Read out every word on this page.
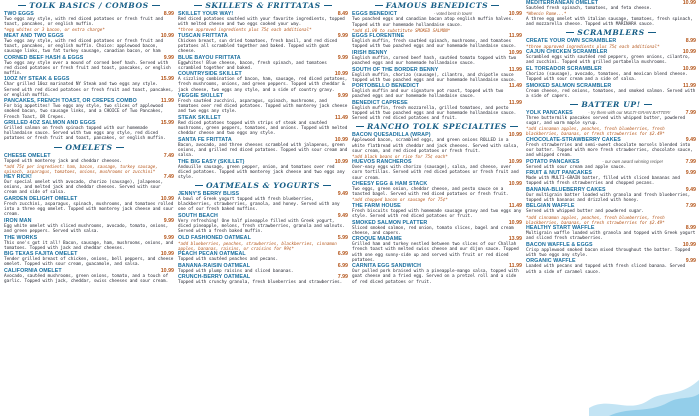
TOLK BASICS / COMBOS
TWO EGGS	8.99
Two eggs any style, with red diced potatoes or fresh fruit and toast, pancakes, or english muffin.
*egg whites or 3 bacon, or extra charge*
MEAT AND TWO EGGS	10.99
Two eggs any style, with red diced potatoes or fresh fruit and toast, pancakes, or english muffin. Choice: applewood bacon, sausage links, two fat turkey sausage, canadian bacon, or ham
CORNED BEEF HASH & EGGS	9.99
Two eggs any style over a mound of corned beef hash. Served with red diced potatoes or fresh fruit and toast, pancakes, or english muffin.
10OZ NY STEAK & EGGS	15.99
Char grilled 10oz marinated NY Steak and two eggs any style. Served with red diced potatoes or fresh fruit and toast, pancakes, or english muffin.
PANCAKES, FRENCH TOAST, OR CREPES COMBO	11.99
For big appetites! Two eggs any style, two slices of applewood smoked bacon, two sausage links, and a CHOICE of Two Pancakes, French Toast, OR Crepes.
GRILLED 4OZ SALMON AND EGGS	15.99
Grilled salmon on fresh spinach topped with our homemade hollandaise sauce. Served with two eggs any style, red diced potatoes or fresh fruit and toast, pancakes, or english muffin.
OMELETS
CHEESE OMELET	7.49
Topped with monterey jack and cheddar cheeses.
*add 75¢ per ingredient: ham, bacon, sausage, turkey sausage, spinach, asparagus, tomatoes, onions, mushrooms or zucchini*
HEY RICK!	7.49
Our special omelet with avocado, chorizo (sausage), jalapenos, onions, and melted jack and cheddar cheeses. Served with sour cream and side of salsa.
GARDEN DELIGHT OMELET	10.99
Fresh zucchini, asparagus, spinach, mushrooms, and tomatoes rolled into a three egg omelet. Topped with monterey jack cheese and sour cream.
IRON MAN	9.99
Egg white omelet with sliced mushrooms, avocado, tomato, onions, and green peppers. Served with salsa.
THE WORKS	9.99
This one's got it all! Bacon, sausage, ham, mushrooms, onions, and tomatoes. Topped with jack and cheddar cheeses.
BIG TEXAS FAJITA OMELET	10.99
Tender grilled breast of chicken, onions, bell peppers, and cheese omelet. Topped with sour cream, guacamole, and salsa.
CALIFORNIA OMELET	10.99
Avocado, sautéed mushrooms, green onions, tomato, and a touch of garlic. Topped with jack, cheddar, swiss cheeses and sour cream.
SKILLETS & FRITTATAS
SKILLET YOUR WAY!	8.49
Red diced potatoes sautéed with your favorite ingredients, topped with melted cheese and two eggs cooked your way.
*three approved ingredients plus 75¢ each additional*
TUSCAN FRITTATA	9.99
Chicken breast, sun dried tomatoes, fresh basil, and red diced potatoes all scrambled together and baked. Topped with goat cheese.
BLUE BAYOU FRITTATA	9.99
Eggwhites! Blue cheese, bacon, fresh spinach, and tomatoes scrambled together and baked.
COUNTRYSIDE SKILLET	10.99
A sizzling combination of bacon, ham, sausage, red diced potatoes, fresh mushrooms, onions, and green peppers. Topped with cheddar & jack cheese, two eggs any style, and a side of country gravy.
VEGGIE SKILLET	9.99
Fresh sautéed zucchini, asparagus, spinach, mushrooms, and tomatoes over red diced potatoes. Topped with monterey jack cheese and two eggs any style.
STEAK SKILLET	11.49
Red diced potatoes topped with strips of steak and sautéed mushrooms, green peppers, tomatoes, and onions. Topped with melted cheddar cheese and two eggs any style.
SANTA FE FRITTATA	10.99
Bacon, avocado, and three cheeses scrambled with jalapenos, green onions, and grilled red diced potatoes. Topped with sour cream and salsa.
THE BIG EASY (SKILLET)	10.99
Andouille sausage, green pepper, onion, and tomatoes over red diced potatoes. Topped with monterey jack cheese and two eggs any style.
OATMEALS & YOGURTS
JENNY'S BERRY BLISS	9.49
A bowl of Greek yogurt topped with fresh blueberries, blackberries, strawberries, granola, and honey. Served with any one of our fresh baked muffins.
SOUTH BEACH	9.49
Very refreshing! One half pineapple filled with Greek yogurt, diced pineapple, melons, fresh strawberries, granola and walnuts. Served with a fresh baked muffin.
OLD FASHIONED OATMEAL	5.99
*add blueberries, peaches, strawberries, blackberries, cinnamon apples, bananas, raisins, or craisins for 99¢*
PEACH PECAN OATMEAL	6.99
Topped with sautéed peaches and pecans.
BANANA-RAISIN OATMEAL	6.99
Topped with plump raisins and sliced bananas.
CRUNCH-BERRY OATMEAL	7.99
Topped with crunchy granola, fresh blueberries and strawberries.
FAMOUS BENEDICTS
EGGS BENEDICT	- voted best in town!	10.99
Two poached eggs and canadian bacon atop english muffin halves. Topped with our homemade hollandaise sauce.
*add $1.00 to substitute SMOKED SALMON*
EGGS FLORENTINE	11.99
English muffin, fresh sautéed spinach, mushrooms, and tomatoes topped with two poached eggs and our homemade hollandaise sauce.
IRISH BENNY	10.99
English muffin, corned beef hash, sautéed tomato topped with two poached eggs and our homemade hollandaise sauce.
SOUTH OF THE BORDER BENNY	11.99
English muffin, chorizo (sausage), cilantro, and chipotle sauce topped with two poached eggs and our homemade hollandaise sauce.
PORTOBELLO BENEDICT	11.49
English muffin and our signature pot roast, topped with two poached eggs and our homemade hollandaise sauce.
BENEDICT CAPRESE	11.99
English muffin, fresh mozzarella, grilled tomatoes, and pesto topped with two poached eggs and our homemade hollandaise sauce. Served with red diced potatoes and fruit.
RANCHO TOLK SPECIALTIES
BACON QUESADILLA (WRAP)	10.99
Applewood bacon, scrambled eggs, and green onions ROLLED in a white flatbread with cheddar and jack cheeses. Served with salsa, sour cream, and red diced potatoes or fresh fruit.
*add black beans or rice for 75¢ each*
HUEVOS RANCHEROS	10.99
Over-easy eggs with chorizo (sausage), salsa, and cheese, over corn tortillas. Served with red diced potatoes or fresh fruit and sour cream.
CHEESY EGG & HAM STACK	10.99
Two eggs, green onion, cheddar cheese, and pesto sauce on a toasted bagel. Served with red diced potatoes or fresh fruit.
*add chopped bacon or sausage for 75¢*
THE FARM HOUSE	11.49
Fresh biscuits topped with homemade sausage gravy and two eggs any style. Served with red diced potatoes or fruit.
SMOKED SALMON PLATTER	10.99
Sliced smoked salmon, red onion, tomato slices, bagel and cream cheese, and capers.
CROQUE MADAME	13.99
Grilled ham and turkey nestled between two slices of our Challah french toast with melted swiss cheese and our dijon sauce. Topped with one egg sunny-side up and served with fruit or red diced potatoes.
CARNITA EGG SANDWICH	11.99
Our pulled pork braised with a pineapple-mango salsa, topped with goat cheese and a fried egg. Served on a pretzel roll and a side of red diced potatoes or fruit.
MEDITERRANEAN OMELET	10.99
Sautéed fresh spinach, tomatoes, and feta cheese.
*Whenin Rome...*
A three egg omelet with italian sausage, tomatoes, fresh spinach, and mozzarella cheese. Topped with MARINARA sauce.
SCRAMBLERS
CREATE YOUR OWN SCRAMBLER	8.99
*three approved ingredients plus 75¢ each additional*
CAJUN CHICKEN SCRAMBLER	10.99
Scrambled eggs with sautéed red peppers, green onions, cilantro, and zucchini. Topped with grilled portabella mushrooms.
EL TOREADOR SCRAMBLER	10.99
Chorizo (sausage), avocado, tomatoes, and mexican blend cheese. Topped with sour cream and a side of salsa.
SMOKED SALMON SCRAMBLER	11.99
Cream cheese, red onions, tomatoes, and smoked salmon. Served with a side of capers.
BATTER UP!
YOLK PANCAKES	- try them with our MULTI-GRAIN BATTER!	7.99
Three buttermilk pancakes served with whipped butter, powdered sugar, and warm maple syrup.
*add cinnamon apples, peaches, fresh blueberries, fresh blackberries, bananas, or fresh strawberries for $2.49*
CHOCOLATE-STRAWBERRY CAKES	9.49
Fresh strawberries and semi-sweet chocolate morsels blended into our batter. Topped with more fresh strawberries, chocolate sauce, and whipped cream.
POTATO PANCAKES	- our own award winning recipe!	7.99
Served with sour cream and apple sauce.
FRUIT & NUT PANCAKES	9.99
Made with MULTI-GRAIN batter, filled with sliced bananas and topped with fresh strawberries and chopped pecans.
BANANA-BLUEBERRY CAKES	9.49
Our multigrain batter loaded with granola and fresh blueberries, topped with bananas and drizzled with honey.
BELGIAN WAFFLE	7.99
Served with whipped butter and powdered sugar.
*add cinnamon apples, peaches, fresh blueberries, fresh blackberries, bananas, or fresh strawberries for $2.49*
HEALTHY START WAFFLE	8.99
Multigrain waffle loaded with granola and topped with Greek yogurt and sliced fresh strawberries.
BACON WAFFLE & EGGS	10.99
Crisp applewood smoked bacon mixed throughout the batter. Topped with two eggs any style.
ORGANIC WAFFLE	9.99
Loaded with pecans and topped with fresh sliced banana. Served with a side of caramel sauce.
